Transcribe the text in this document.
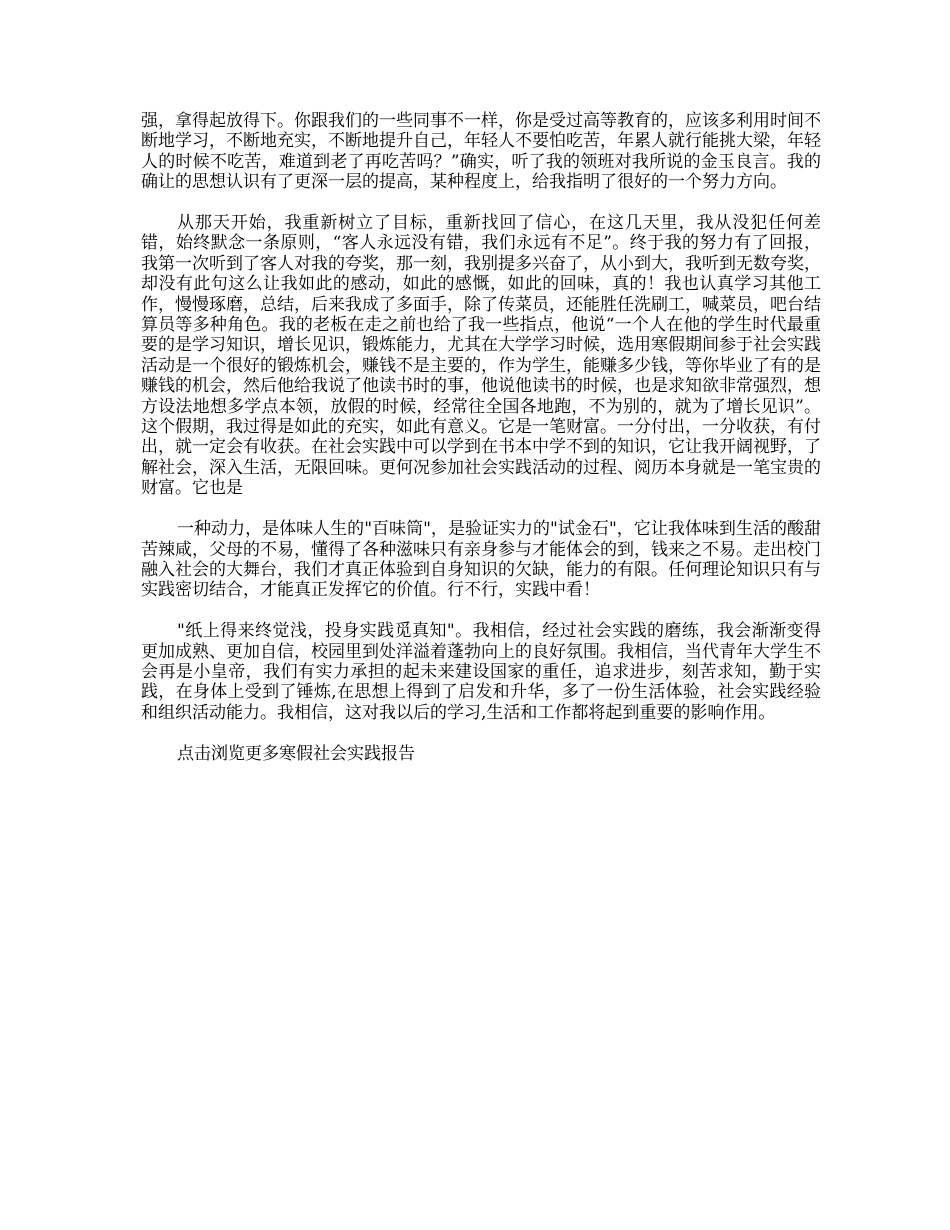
强，拿得起放得下。你跟我们的一些同事不一样，你是受过高等教育的，应该多利用时间不断地学习，不断地充实，不断地提升自己，年轻人不要怕吃苦，年累人就行能挑大梁，年轻人的时候不吃苦，难道到老了再吃苦吗？”确实，听了我的领班对我所说的金玉良言。我的确让的思想认识有了更深一层的提高，某种程度上，给我指明了很好的一个努力方向。

从那天开始，我重新树立了目标，重新找回了信心，在这几天里，我从没犯任何差错，始终默念一条原则，“客人永远没有错，我们永远有不足”。终于我的努力有了回报，我第一次听到了客人对我的夸奖，那一刻，我别提多兴奋了，从小到大，我听到无数夸奖，却没有此句这么让我如此的感动，如此的感慨，如此的回味，真的！我也认真学习其他工作，慢慢琢磨，总结，后来我成了多面手，除了传菜员，还能胜任洗刷工，喊菜员，吧台结算员等多种角色。我的老板在走之前也给了我一些指点，他说“一个人在他的学生时代最重要的是学习知识，增长见识，锻炼能力，尤其在大学学习时候，选用寒假期间参于社会实践活动是一个很好的锻炼机会，赚钱不是主要的，作为学生，能赚多少钱，等你毕业了有的是赚钱的机会，然后他给我说了他读书时的事，他说他读书的时候，也是求知欲非常强烈，想方设法地想多学点本领，放假的时候，经常往全国各地跑，不为别的，就为了增长见识”。这个假期，我过得是如此的充实，如此有意义。它是一笔财富。一分付出，一分收获，有付出，就一定会有收获。在社会实践中可以学到在书本中学不到的知识，它让我开阔视野，了解社会，深入生活，无限回味。更何况参加社会实践活动的过程、阅历本身就是一笔宝贵的财富。它也是

一种动力，是体味人生的"百味筒"，是验证实力的"试金石"，它让我体味到生活的酸甜苦辣咸，父母的不易，懂得了各种滋味只有亲身参与才能体会的到，钱来之不易。走出校门融入社会的大舞台，我们才真正体验到自身知识的欠缺，能力的有限。任何理论知识只有与实践密切结合，才能真正发挥它的价值。行不行，实践中看！

"纸上得来终觉浅，投身实践觅真知"。我相信，经过社会实践的磨练，我会渐渐变得更加成熟、更加自信，校园里到处洋溢着蓬勃向上的良好氛围。我相信，当代青年大学生不会再是小皇帝，我们有实力承担的起未来建设国家的重任，追求进步，刻苦求知，勤于实践，在身体上受到了锤炼,在思想上得到了启发和升华，多了一份生活体验，社会实践经验和组织活动能力。我相信，这对我以后的学习,生活和工作都将起到重要的影响作用。

点击浏览更多寒假社会实践报告
